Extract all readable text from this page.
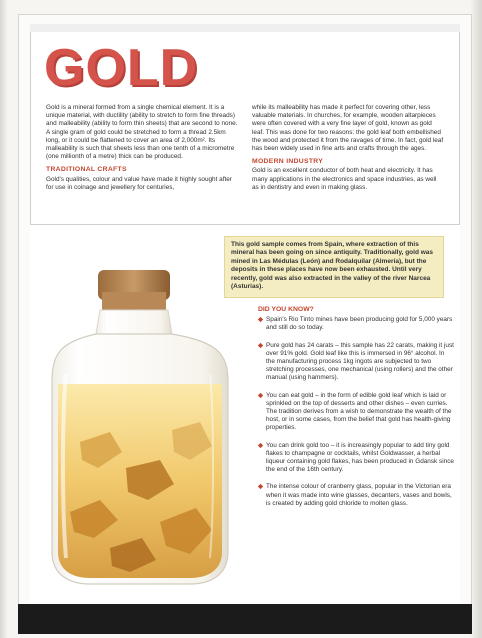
GOLD

Gold is a mineral formed from a single chemical element. It is a unique material, with ductility (ability to stretch to form fine threads) and malleability (ability to form thin sheets) that are second to none. A single gram of gold could be stretched to form a thread 2.5km long, or it could be flattened to cover an area of 2,000m². Its malleability is such that sheets less than one tenth of a micrometre (one millionth of a metre) thick can be produced.

TRADITIONAL CRAFTS

Gold's qualities, colour and value have made it highly sought after for use in coinage and jewellery for centuries,

while its malleability has made it perfect for covering other, less valuable materials. In churches, for example, wooden altarpieces were often covered with a very fine layer of gold, known as gold leaf. This was done for two reasons: the gold leaf both embellished the wood and protected it from the ravages of time. In fact, gold leaf has been widely used in fine arts and crafts through the ages.

MODERN INDUSTRY

Gold is an excellent conductor of both heat and electricity. It has many applications in the electronics and space industries, as well as in dentistry and even in making glass.

This gold sample comes from Spain, where extraction of this mineral has been going on since antiquity. Traditionally, gold was mined in Las Médulas (León) and Rodalquilar (Almería), but the deposits in these places have now been exhausted. Until very recently, gold was also extracted in the valley of the river Narcea (Asturias).
DID YOU KNOW?
Spain's Rio Tinto mines have been producing gold for 5,000 years and still do so today.
Pure gold has 24 carats – this sample has 22 carats, making it just over 91% gold. Gold leaf like this is immersed in 96° alcohol. In the manufacturing process 1kg ingots are subjected to two stretching processes, one mechanical (using rollers) and the other manual (using hammers).
You can eat gold – in the form of edible gold leaf which is laid or sprinkled on the top of desserts and other dishes – even curries. The tradition derives from a wish to demonstrate the wealth of the host, or in some cases, from the belief that gold has health-giving properties.
You can drink gold too – it is increasingly popular to add tiny gold flakes to champagne or cocktails, whilst Goldwasser, a herbal liqueur containing gold flakes, has been produced in Gdansk since the end of the 16th century.
The intense colour of cranberry glass, popular in the Victorian era when it was made into wine glasses, decanters, vases and bowls, is created by adding gold chloride to molten glass.
